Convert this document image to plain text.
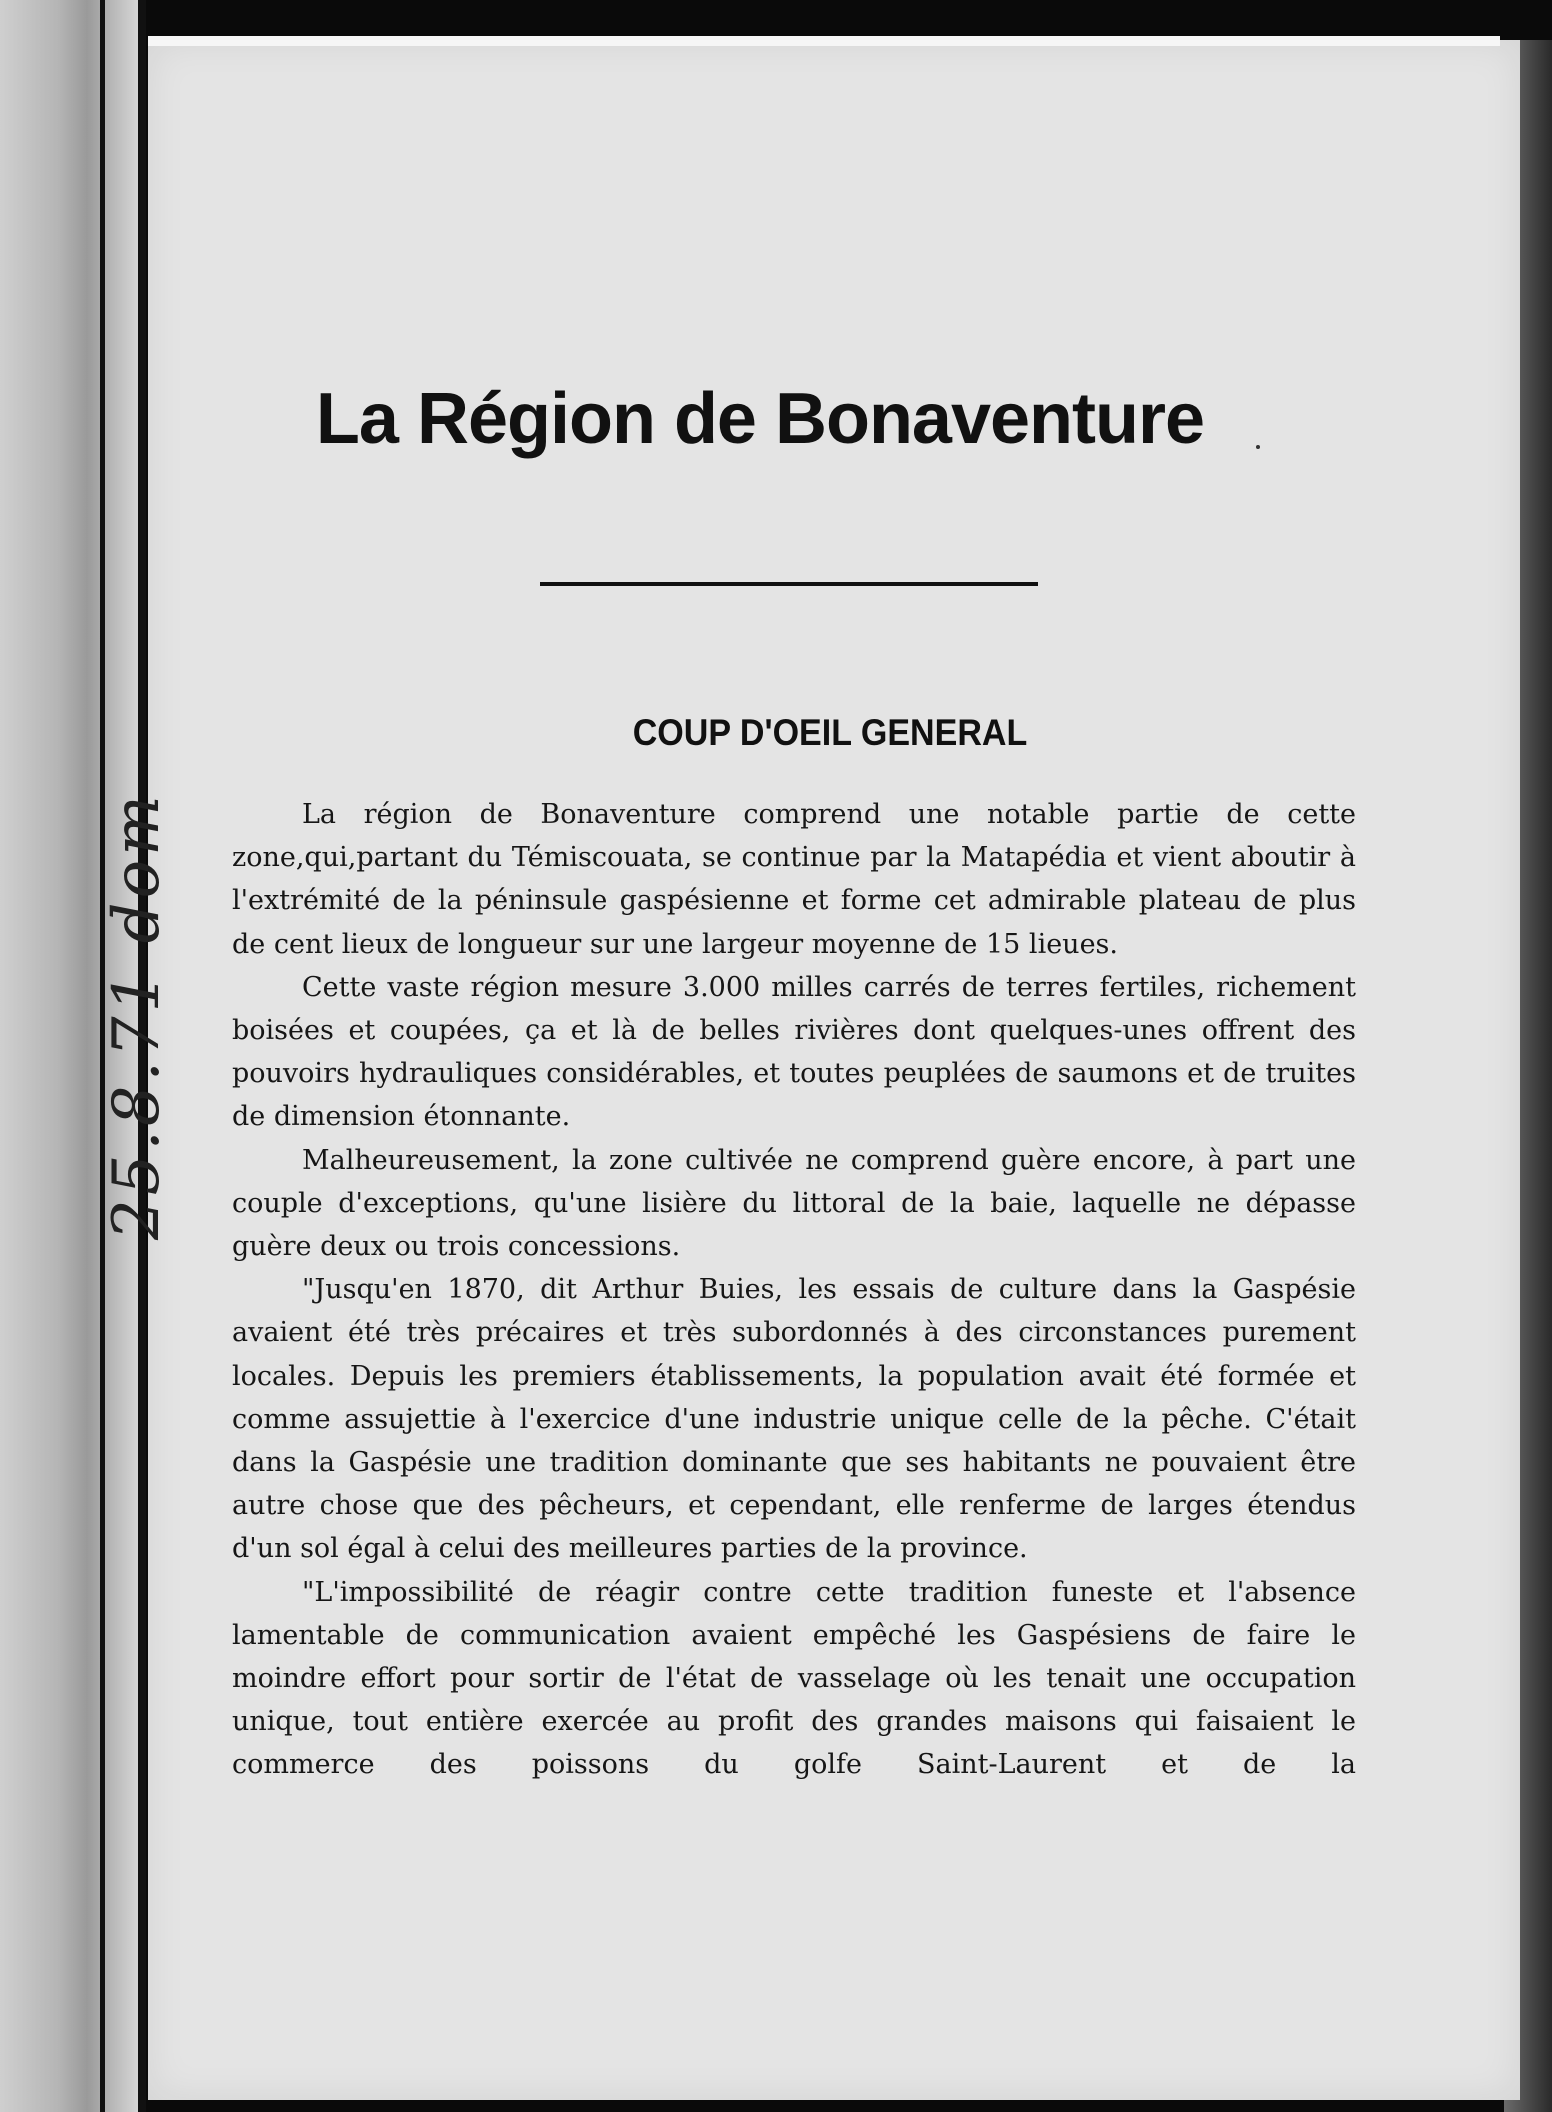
25.8.71 dom
La Région de Bonaventure
COUP D'OEIL GENERAL

La région de Bonaventure comprend une notable partie de cette zone,qui,partant du Témiscouata, se continue par la Matapédia et vient aboutir à l'extrémité de la péninsule gaspésienne et forme cet admirable plateau de plus de cent lieux de longueur sur une largeur moyenne de 15 lieues.

Cette vaste région mesure 3.000 milles carrés de terres fertiles, richement boisées et coupées, ça et là de belles rivières dont quelques-unes offrent des pouvoirs hydrauliques considérables, et toutes peuplées de saumons et de truites de dimension étonnante.

Malheureusement, la zone cultivée ne comprend guère encore, à part une couple d'exceptions, qu'une lisière du littoral de la baie, laquelle ne dépasse guère deux ou trois concessions.

"Jusqu'en 1870, dit Arthur Buies, les essais de culture dans la Gaspésie avaient été très précaires et très subordonnés à des circonstances purement locales. Depuis les premiers établissements, la population avait été formée et comme assujettie à l'exercice d'une industrie unique celle de la pêche. C'était dans la Gaspésie une tradition dominante que ses habitants ne pouvaient être autre chose que des pêcheurs, et cependant, elle renferme de larges étendus d'un sol égal à celui des meilleures parties de la province.

"L'impossibilité de réagir contre cette tradition funeste et l'absence lamentable de communication avaient empêché les Gaspésiens de faire le moindre effort pour sortir de l'état de vasselage où les tenait une occupation unique, tout entière exercée au profit des grandes maisons qui faisaient le commerce des poissons du golfe Saint-Laurent et de la
